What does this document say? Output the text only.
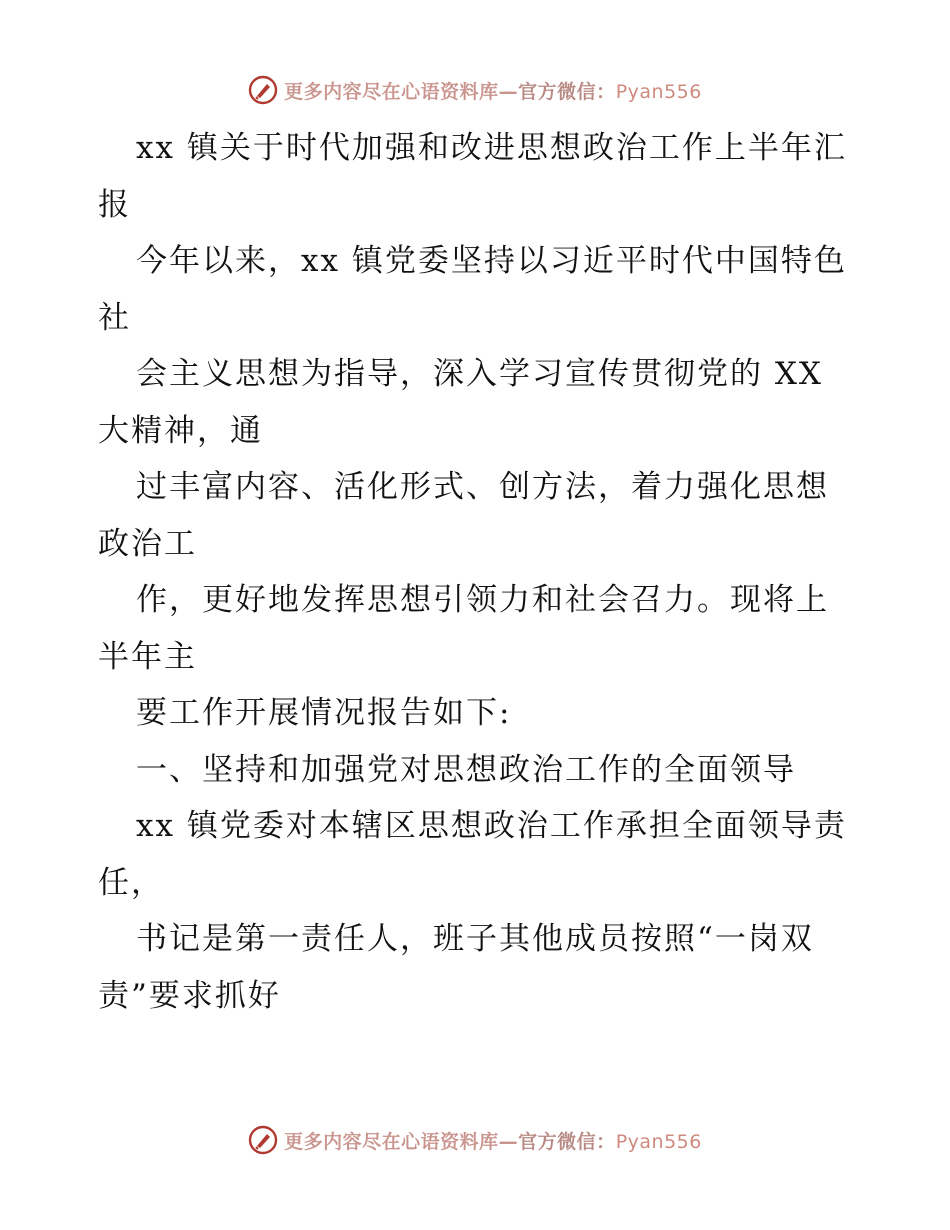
更多内容尽在心语资料库—官方微信：Pyan556

xx 镇关于时代加强和改进思想政治工作上半年汇报

今年以来，xx 镇党委坚持以习近平时代中国特色社

会主义思想为指导，深入学习宣传贯彻党的 XX 大精神，通

过丰富内容、活化形式、创方法，着力强化思想政治工

作，更好地发挥思想引领力和社会召力。现将上半年主

要工作开展情况报告如下:

一、坚持和加强党对思想政治工作的全面领导

xx 镇党委对本辖区思想政治工作承担全面领导责任，

书记是第一责任人，班子其他成员按照“一岗双责”要求抓好

更多内容尽在心语资料库—官方微信：Pyan556
